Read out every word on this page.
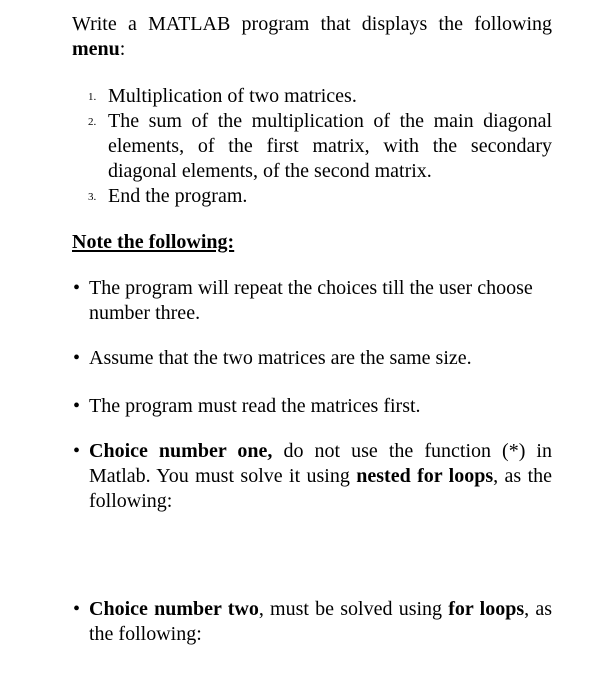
Write a MATLAB program that displays the following menu:

1. Multiplication of two matrices.
2. The sum of the multiplication of the main diagonal elements, of the first matrix, with the secondary diagonal elements, of the second matrix.
3. End the program.
Note the following:
• The program will repeat the choices till the user choose number three.
• Assume that the two matrices are the same size.
• The program must read the matrices first.
• Choice number one, do not use the function (*) in Matlab. You must solve it using nested for loops, as the following:
• Choice number two, must be solved using for loops, as the following:
